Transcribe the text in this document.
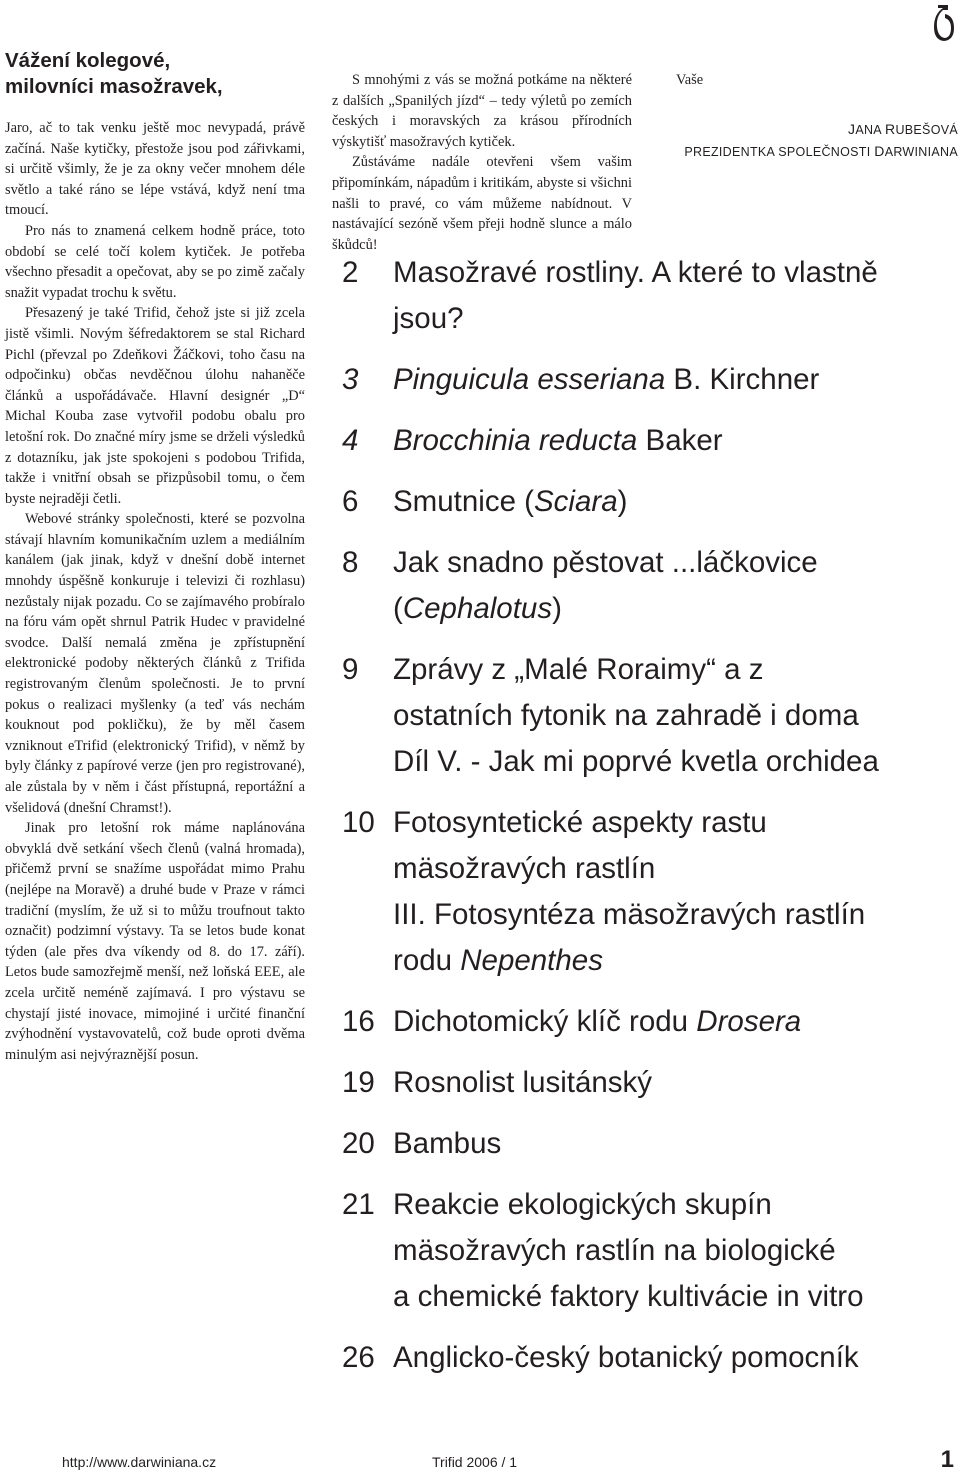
Vážení kolegové,
milovníci masožravek,

Jaro, ač to tak venku ještě moc nevypadá, právě začíná. Naše kytičky, přestože jsou pod zářivkami, si určitě všimly, že je za okny večer mnohem déle světlo a také ráno se lépe vstává, když není tma tmoucí.

Pro nás to znamená celkem hodně práce, toto období se celé točí kolem kytiček. Je potřeba všechno přesadit a opečovat, aby se po zimě začaly snažit vypadat trochu k světu.

Přesazený je také Trifid, čehož jste si již zcela jistě všimli. Novým šéfredaktorem se stal Richard Pichl (převzal po Zdeňkovi Žáčkovi, toho času na odpočinku) občas nevděčnou úlohu nahaněče článků a uspořádávače. Hlavní designér „D“ Michal Kouba zase vytvořil podobu obalu pro letošní rok. Do značné míry jsme se drželi výsledků z dotazníku, jak jste spokojeni s podobou Trifida, takže i vnitřní obsah se přizpůsobil tomu, o čem byste nejraději četli.

Webové stránky společnosti, které se pozvolna stávají hlavním komunikačním uzlem a mediálním kanálem (jak jinak, když v dnešní době internet mnohdy úspěšně konkuruje i televizi či rozhlasu) nezůstaly nijak pozadu. Co se zajímavého probíralo na fóru vám opět shrnul Patrik Hudec v pravidelné svodce. Další nemalá změna je zpřístupnění elektronické podoby některých článků z Trifida registrovaným členům společnosti. Je to první pokus o realizaci myšlenky (a teď vás nechám kouknout pod pokličku), že by měl časem vzniknout eTrifid (elektronický Trifid), v němž by byly články z papírové verze (jen pro registrované), ale zůstala by v něm i část přístupná, reportážní a všelidová (dnešní Chramst!).

Jinak pro letošní rok máme naplánována obvyklá dvě setkání všech členů (valná hromada), přičemž první se snažíme uspořádat mimo Prahu (nejlépe na Moravě) a druhé bude v Praze v rámci tradiční (myslím, že už si to můžu troufnout takto označit) podzimní výstavy. Ta se letos bude konat týden (ale přes dva víkendy od 8. do 17. září). Letos bude samozřejmě menší, než loňská EEE, ale zcela určitě neméně zajímavá. I pro výstavu se chystají jisté inovace, mimojiné i určité finanční zvýhodnění vystavovatelů, což bude oproti dvěma minulým asi nejvýraznější posun.

S mnohými z vás se možná potkáme na některé z dalších „Spanilých jízd“ – tedy výletů po zemích českých i moravských za krásou přírodních výskytišť masožravých kytiček.

Zůstáváme nadále otevřeni všem vašim připomínkám, nápadům i kritikám, abyste si všichni našli to pravé, co vám můžeme nabídnout. V nastávající sezóně všem přeji hodně slunce a málo škůdců!

Vaše

JANA RUBEŠOVÁ
PREZIDENTKA SPOLEČNOSTI DARWINIANA
2	Masožravé rostliny. A které to vlastně
jsou?
3	Pinguicula esseriana B. Kirchner
4	Brocchinia reducta Baker
6	Smutnice (Sciara)
8	Jak snadno pěstovat ...láčkovice
(Cephalotus)
9	Zprávy z „Malé Roraimy“ a z
ostatních fytonik na zahradě i doma
Díl V. - Jak mi poprvé kvetla orchidea
10 Fotosyntetické aspekty rastu
mäsožravých rastlín
III. Fotosyntéza mäsožravých rastlín
rodu Nepenthes
16 Dichotomický klíč rodu Drosera
19 Rosnolist lusitánský
20 Bambus
21 Reakcie ekologických skupín
mäsožravých rastlín na biologické
a chemické faktory kultivácie in vitro
26 Anglicko-český botanický pomocník
http://www.darwiniana.cz	Trifid 2006 / 1	1
